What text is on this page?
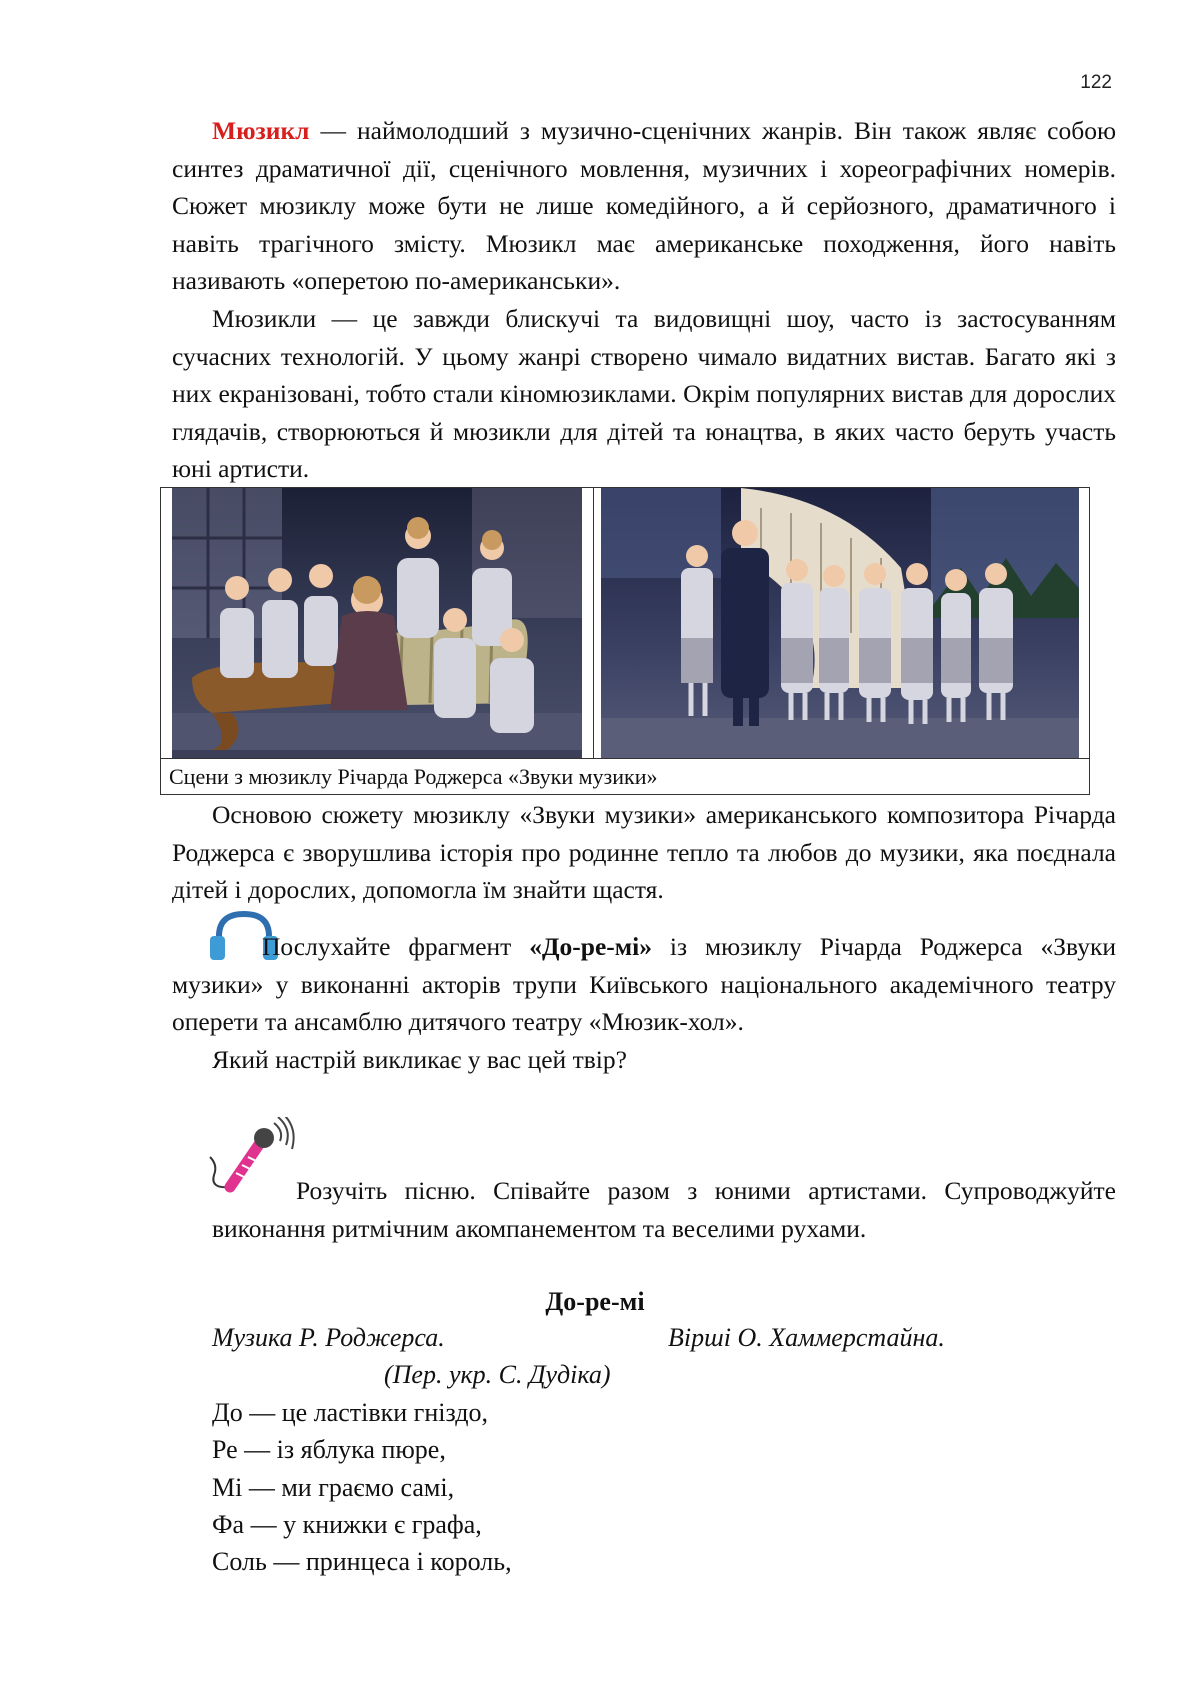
122

Мюзикл — наймолодший з музично-сценічних жанрів. Він також являє собою синтез драматичної дії, сценічного мовлення, музичних і хореографічних номерів. Сюжет мюзиклу може бути не лише комедійного, а й серйозного, драматичного і навіть трагічного змісту. Мюзикл має американське походження, його навіть називають «оперетою по-американськи».

Мюзикли — це завжди блискучі та видовищні шоу, часто із застосуванням сучасних технологій. У цьому жанрі створено чимало видатних вистав. Багато які з них екранізовані, тобто стали кіномюзиклами. Окрім популярних вистав для дорослих глядачів, створюються й мюзикли для дітей та юнацтва, в яких часто беруть участь юні артисти.

Сцени з мюзиклу Річарда Роджерса «Звуки музики»

Основою сюжету мюзиклу «Звуки музики» американського композитора Річарда Роджерса є зворушлива історія про родинне тепло та любов до музики, яка поєднала дітей і дорослих, допомогла їм знайти щастя.

Послухайте фрагмент «До-ре-мі» із мюзиклу Річарда Роджерса «Звуки музики» у виконанні акторів трупи Київського національного академічного театру оперети та ансамблю дитячого театру «Мюзик-хол».

Який настрій викликає у вас цей твір?

Розучіть пісню. Співайте разом з юними артистами. Супроводжуйте виконання ритмічним акомпанементом та веселими рухами.

До-ре-мі
Музика Р. Роджерса.	Вірші О. Хаммерстайна.
(Пер. укр. С. Дудіка)
До — це ластівки гніздо,
Ре — із яблука пюре,
Мі — ми граємо самі,
Фа — у книжки є графа,
Соль — принцеса і король,
